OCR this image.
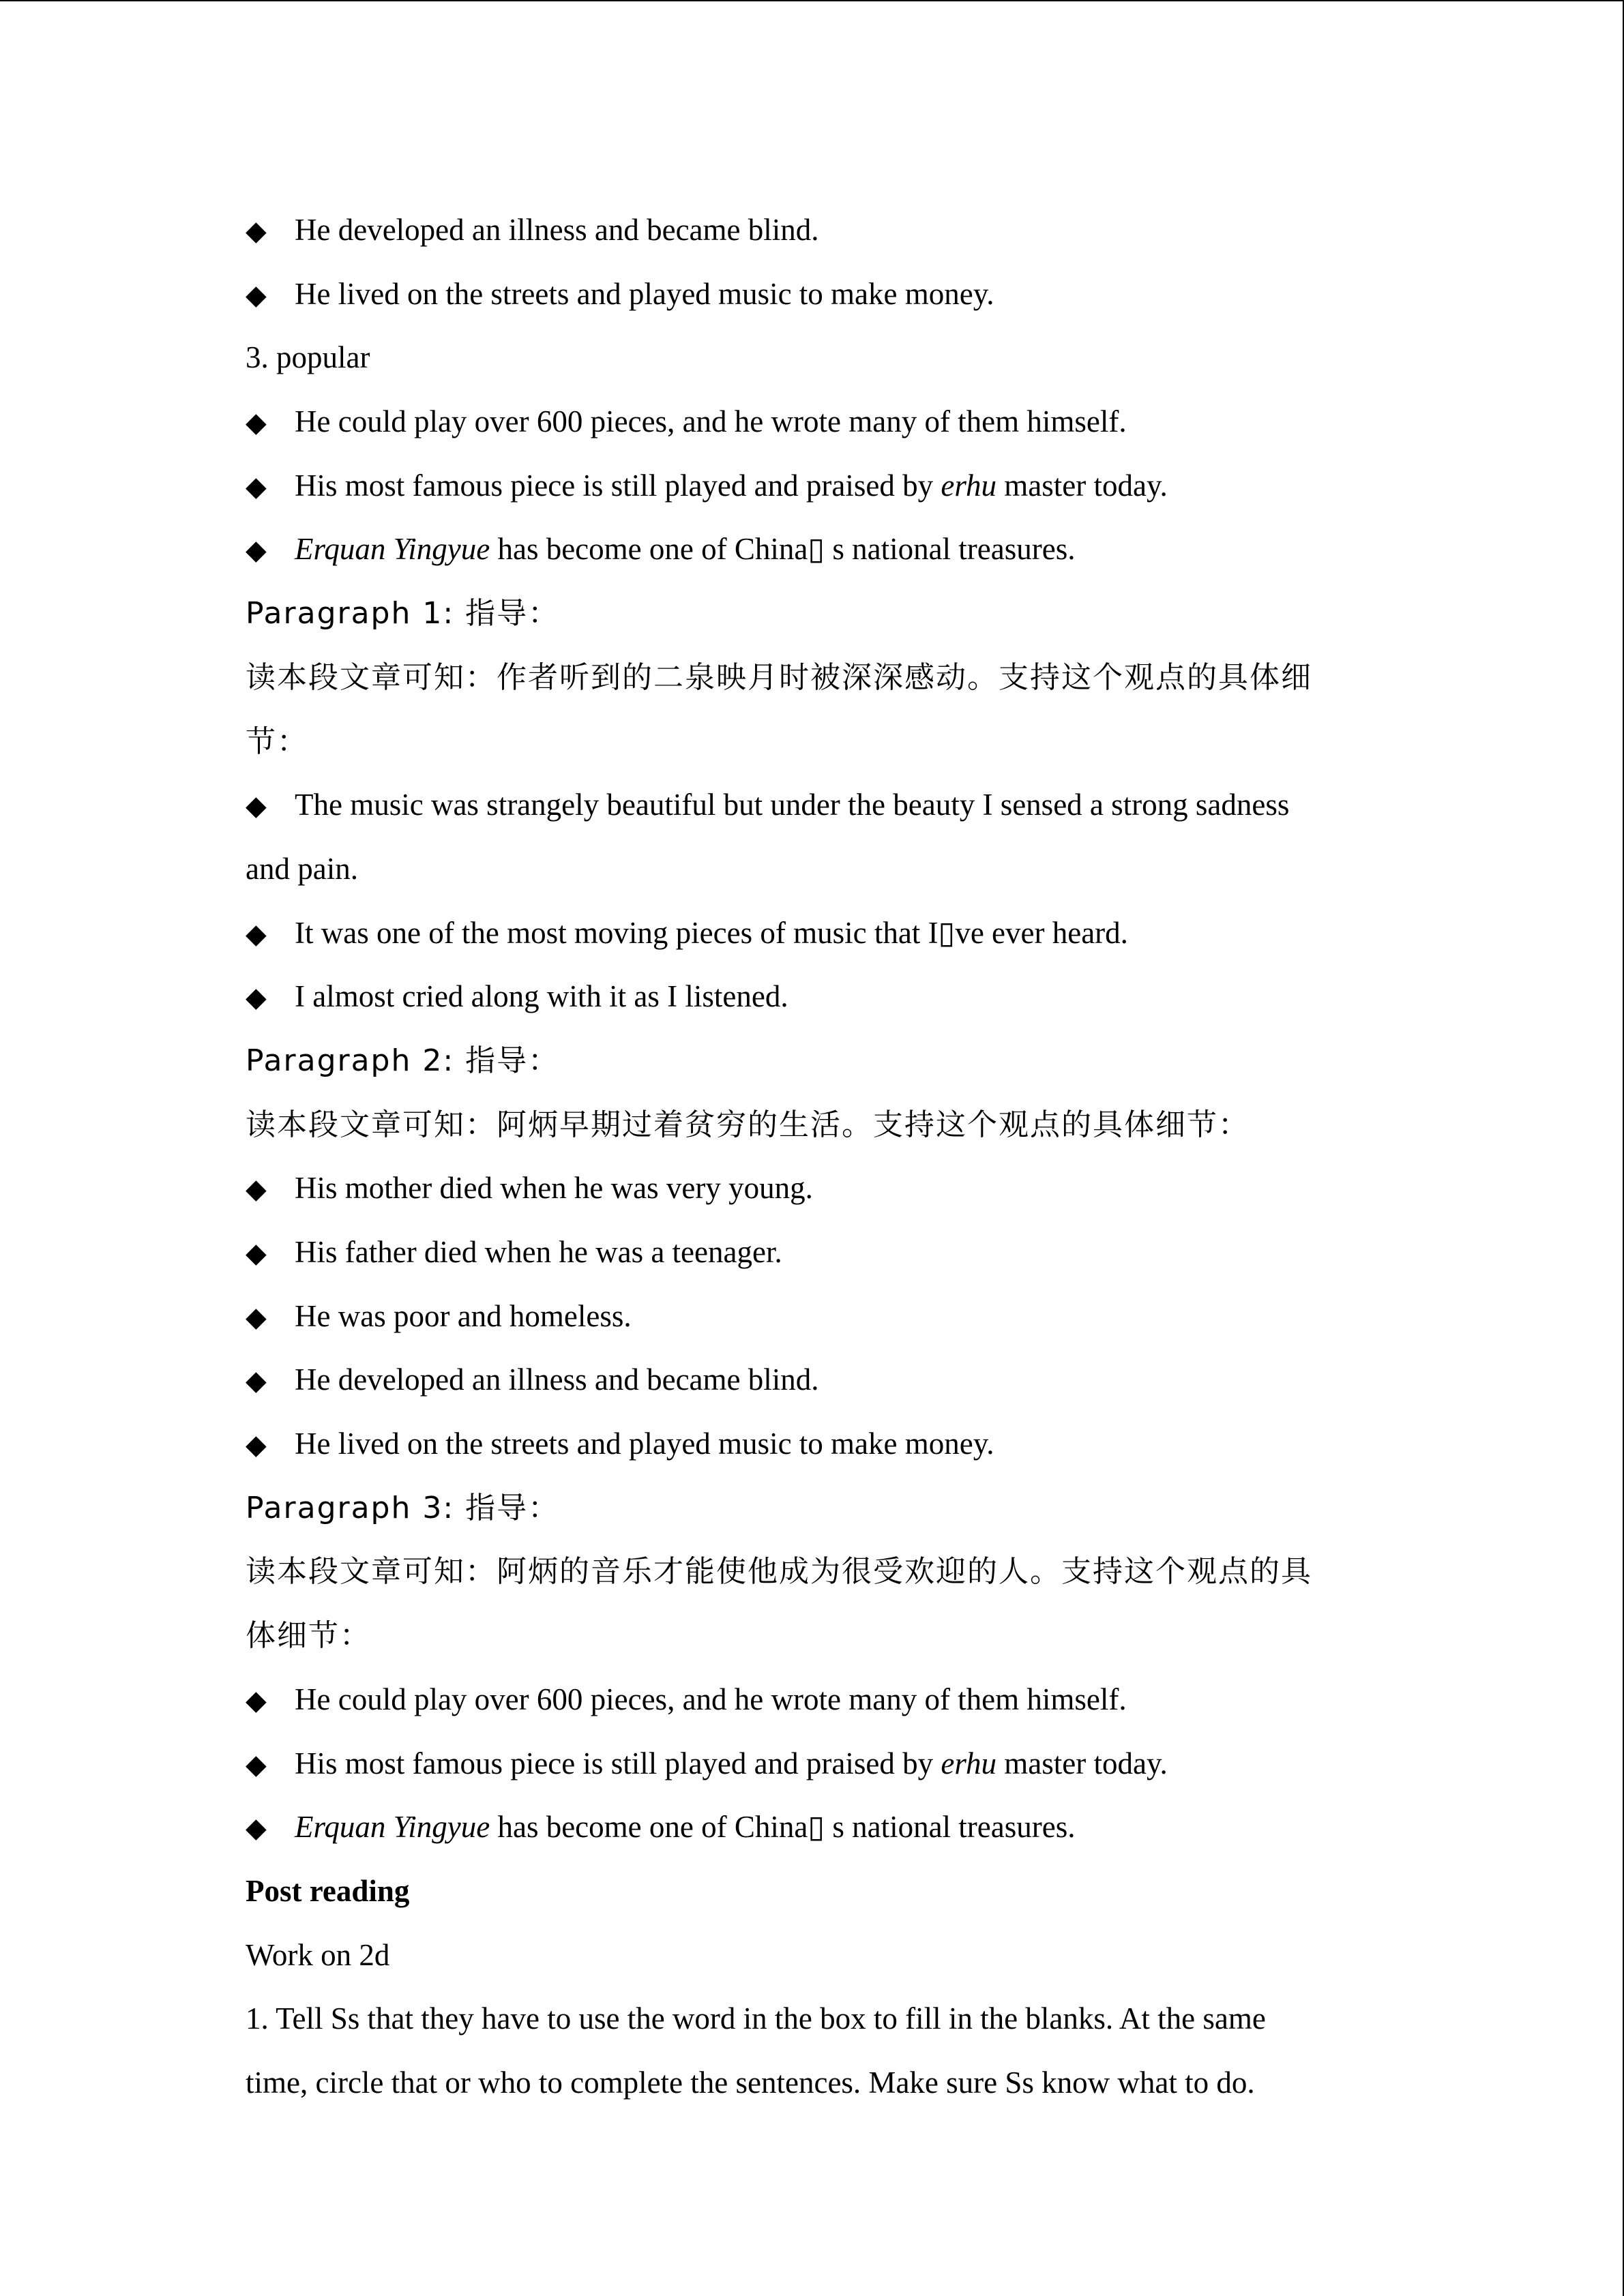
◆He developed an illness and became blind.
◆He lived on the streets and played music to make money.
3. popular
◆He could play over 600 pieces, and he wrote many of them himself.
◆His most famous piece is still played and praised by erhu master today.
◆Erquan Yingyue has become one of China▯ s national treasures.
Paragraph 1: 指导：
读本段文章可知：作者听到的二泉映月时被深深感动。支持这个观点的具体细
节：
◆The music was strangely beautiful but under the beauty I sensed a strong sadness
and pain.
◆It was one of the most moving pieces of music that I▯ve ever heard.
◆I almost cried along with it as I listened.
Paragraph 2: 指导：
读本段文章可知：阿炳早期过着贫穷的生活。支持这个观点的具体细节：
◆His mother died when he was very young.
◆His father died when he was a teenager.
◆He was poor and homeless.
◆He developed an illness and became blind.
◆He lived on the streets and played music to make money.
Paragraph 3: 指导：
读本段文章可知：阿炳的音乐才能使他成为很受欢迎的人。支持这个观点的具
体细节：
◆He could play over 600 pieces, and he wrote many of them himself.
◆His most famous piece is still played and praised by erhu master today.
◆Erquan Yingyue has become one of China▯ s national treasures.
Post reading
Work on 2d
1. Tell Ss that they have to use the word in the box to fill in the blanks. At the same
time, circle that or who to complete the sentences. Make sure Ss know what to do.
